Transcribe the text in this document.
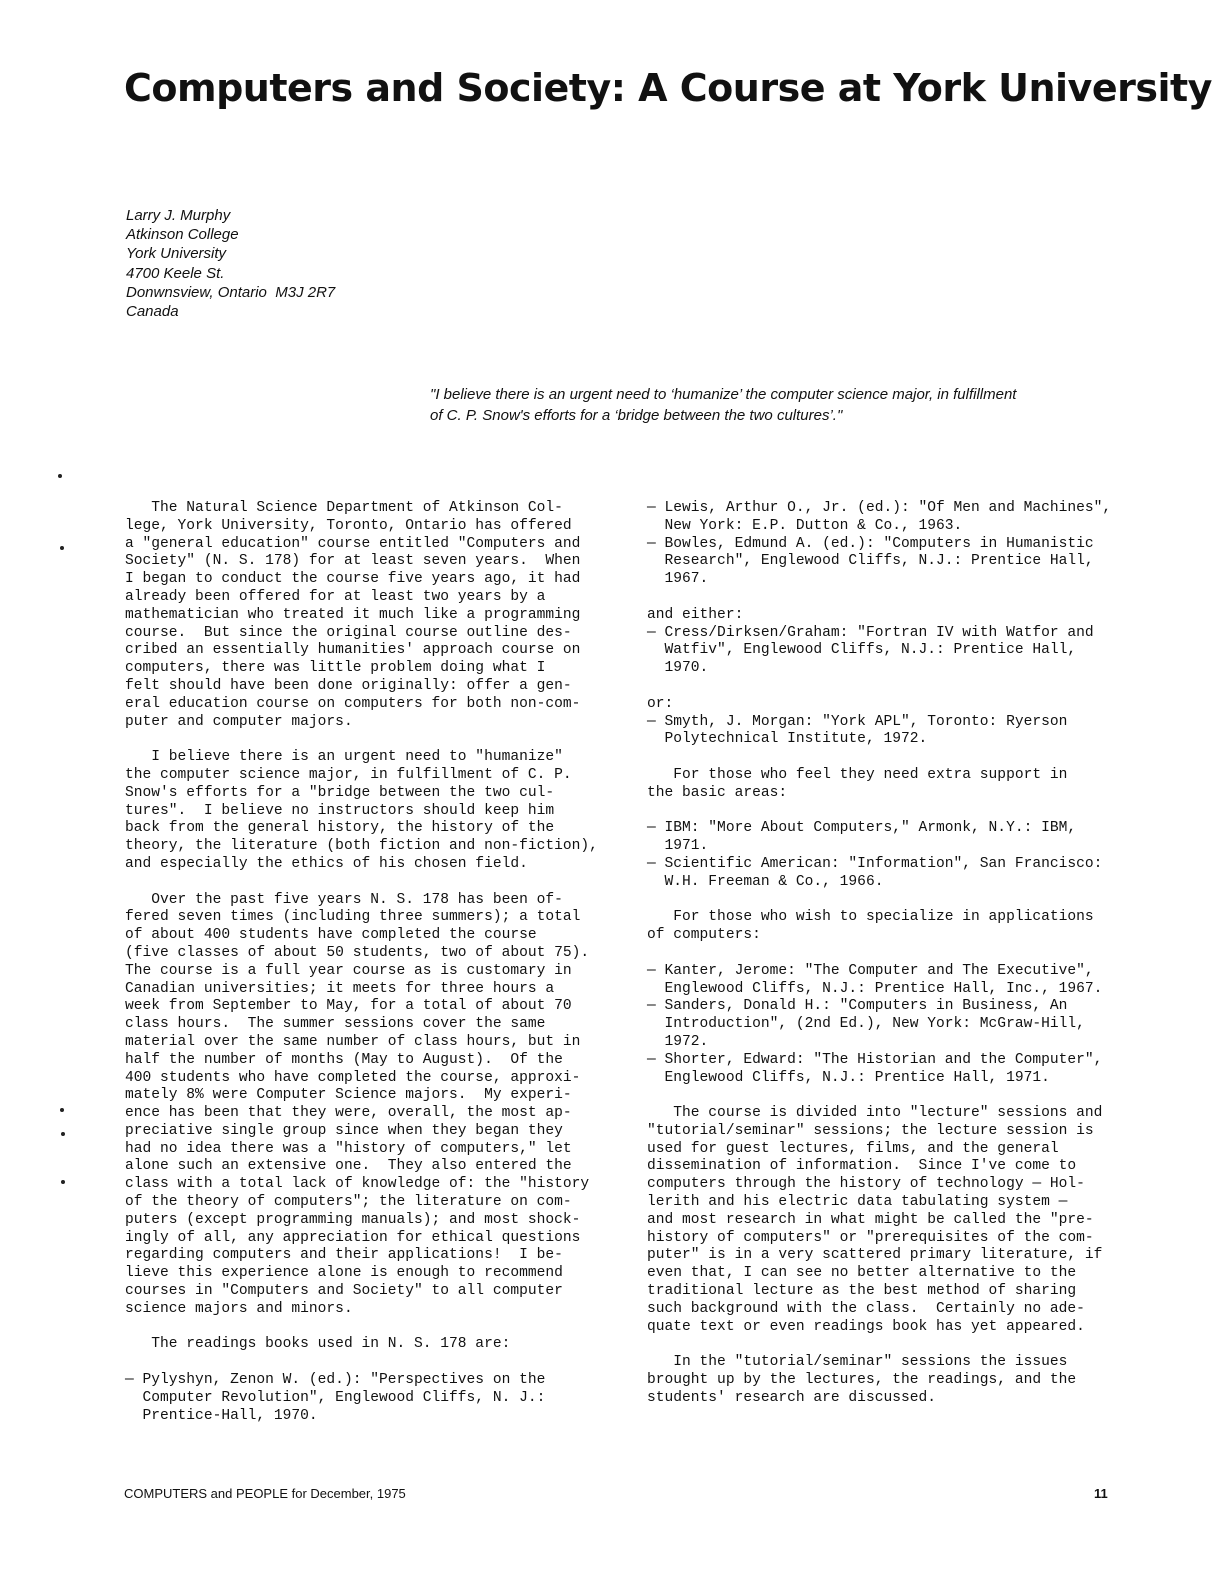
Computers and Society: A Course at York University
Larry J. Murphy
Atkinson College
York University
4700 Keele St.
Donwnsview, Ontario  M3J 2R7
Canada
"I believe there is an urgent need to ‘humanize’ the computer science major, in fulfillment
of C. P. Snow's efforts for a ‘bridge between the two cultures’."
The Natural Science Department of Atkinson Col-
lege, York University, Toronto, Ontario has offered
a "general education" course entitled "Computers and
Society" (N. S. 178) for at least seven years.  When
I began to conduct the course five years ago, it had
already been offered for at least two years by a
mathematician who treated it much like a programming
course.  But since the original course outline des-
cribed an essentially humanities' approach course on
computers, there was little problem doing what I
felt should have been done originally: offer a gen-
eral education course on computers for both non-com-
puter and computer majors.
I believe there is an urgent need to "humanize"
the computer science major, in fulfillment of C. P.
Snow's efforts for a "bridge between the two cul-
tures".  I believe no instructors should keep him
back from the general history, the history of the
theory, the literature (both fiction and non-fiction),
and especially the ethics of his chosen field.
Over the past five years N. S. 178 has been of-
fered seven times (including three summers); a total
of about 400 students have completed the course
(five classes of about 50 students, two of about 75).
The course is a full year course as is customary in
Canadian universities; it meets for three hours a
week from September to May, for a total of about 70
class hours.  The summer sessions cover the same
material over the same number of class hours, but in
half the number of months (May to August).  Of the
400 students who have completed the course, approxi-
mately 8% were Computer Science majors.  My experi-
ence has been that they were, overall, the most ap-
preciative single group since when they began they
had no idea there was a "history of computers," let
alone such an extensive one.  They also entered the
class with a total lack of knowledge of: the "history
of the theory of computers"; the literature on com-
puters (except programming manuals); and most shock-
ingly of all, any appreciation for ethical questions
regarding computers and their applications!  I be-
lieve this experience alone is enough to recommend
courses in "Computers and Society" to all computer
science majors and minors.
The readings books used in N. S. 178 are:
— Pylyshyn, Zenon W. (ed.): "Perspectives on the
Computer Revolution", Englewood Cliffs, N. J.:
Prentice-Hall, 1970.
— Lewis, Arthur O., Jr. (ed.): "Of Men and Machines",
New York: E.P. Dutton & Co., 1963.
— Bowles, Edmund A. (ed.): "Computers in Humanistic
Research", Englewood Cliffs, N.J.: Prentice Hall,
1967.
and either:
— Cress/Dirksen/Graham: "Fortran IV with Watfor and
Watfiv", Englewood Cliffs, N.J.: Prentice Hall,
1970.
or:
— Smyth, J. Morgan: "York APL", Toronto: Ryerson
Polytechnical Institute, 1972.
For those who feel they need extra support in
the basic areas:
— IBM: "More About Computers," Armonk, N.Y.: IBM,
1971.
— Scientific American: "Information", San Francisco:
W.H. Freeman & Co., 1966.
For those who wish to specialize in applications
of computers:
— Kanter, Jerome: "The Computer and The Executive",
Englewood Cliffs, N.J.: Prentice Hall, Inc., 1967.
— Sanders, Donald H.: "Computers in Business, An
Introduction", (2nd Ed.), New York: McGraw-Hill,
1972.
— Shorter, Edward: "The Historian and the Computer",
Englewood Cliffs, N.J.: Prentice Hall, 1971.
The course is divided into "lecture" sessions and
"tutorial/seminar" sessions; the lecture session is
used for guest lectures, films, and the general
dissemination of information.  Since I've come to
computers through the history of technology — Hol-
lerith and his electric data tabulating system —
and most research in what might be called the "pre-
history of computers" or "prerequisites of the com-
puter" is in a very scattered primary literature, if
even that, I can see no better alternative to the
traditional lecture as the best method of sharing
such background with the class.  Certainly no ade-
quate text or even readings book has yet appeared.
In the "tutorial/seminar" sessions the issues
brought up by the lectures, the readings, and the
students' research are discussed.
COMPUTERS and PEOPLE for December, 1975	11
